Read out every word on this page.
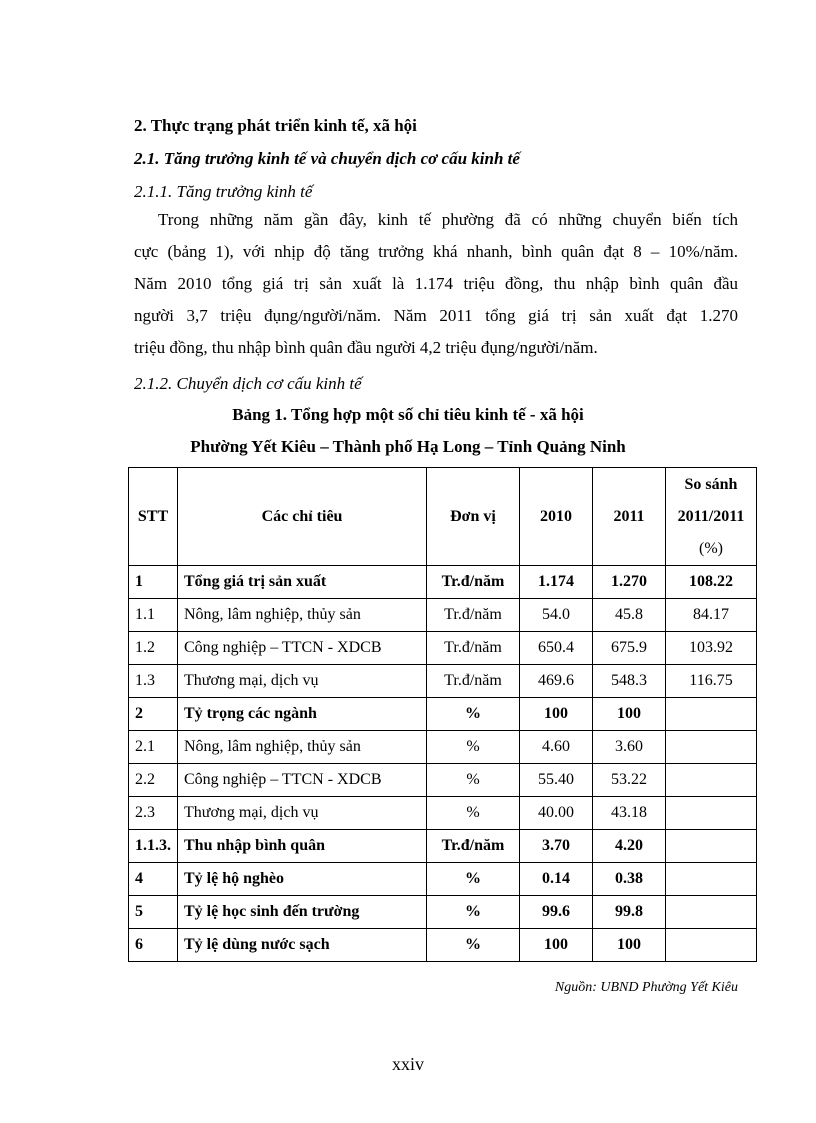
2. Thực trạng phát triển kinh tế, xã hội
2.1. Tăng trưởng kinh tế và chuyển dịch cơ cấu kinh tế
2.1.1. Tăng trưởng kinh tế
Trong những năm gần đây, kinh tế phường đã có những chuyển biến tích
cực (bảng 1), với nhịp độ tăng trưởng khá nhanh, bình quân đạt 8 – 10%/năm.
Năm 2010 tổng giá trị sản xuất là 1.174 triệu đồng, thu nhập bình quân đầu
người 3,7 triệu đụng/người/năm. Năm 2011 tổng giá trị sản xuất đạt 1.270
triệu đồng, thu nhập bình quân đầu người 4,2 triệu đụng/người/năm.
2.1.2. Chuyển dịch cơ cấu kinh tế
Bảng 1. Tổng hợp một số chỉ tiêu kinh tế - xã hội
Phường Yết Kiêu – Thành phố Hạ Long – Tỉnh Quảng Ninh
STT	Các chỉ tiêu	Đơn vị	2010	2011	So sánh
2011/2011
(%)

1	Tổng giá trị sản xuất	Tr.đ/năm	1.174	1.270	108.22
1.1	Nông, lâm nghiệp, thủy sản	Tr.đ/năm	54.0	45.8	84.17
1.2	Công nghiệp – TTCN - XDCB	Tr.đ/năm	650.4	675.9	103.92
1.3	Thương mại, dịch vụ	Tr.đ/năm	469.6	548.3	116.75
2	Tỷ trọng các ngành	%	100	100	
2.1	Nông, lâm nghiệp, thủy sản	%	4.60	3.60	
2.2	Công nghiệp – TTCN - XDCB	%	55.40	53.22	
2.3	Thương mại, dịch vụ	%	40.00	43.18	
1.1.3.	Thu nhập bình quân	Tr.đ/năm	3.70	4.20	
4	Tỷ lệ hộ nghèo	%	0.14	0.38	
5	Tỷ lệ học sinh đến trường	%	99.6	99.8	
6	Tỷ lệ dùng nước sạch	%	100	100	
Nguồn: UBND Phường Yết Kiêu
xxiv
